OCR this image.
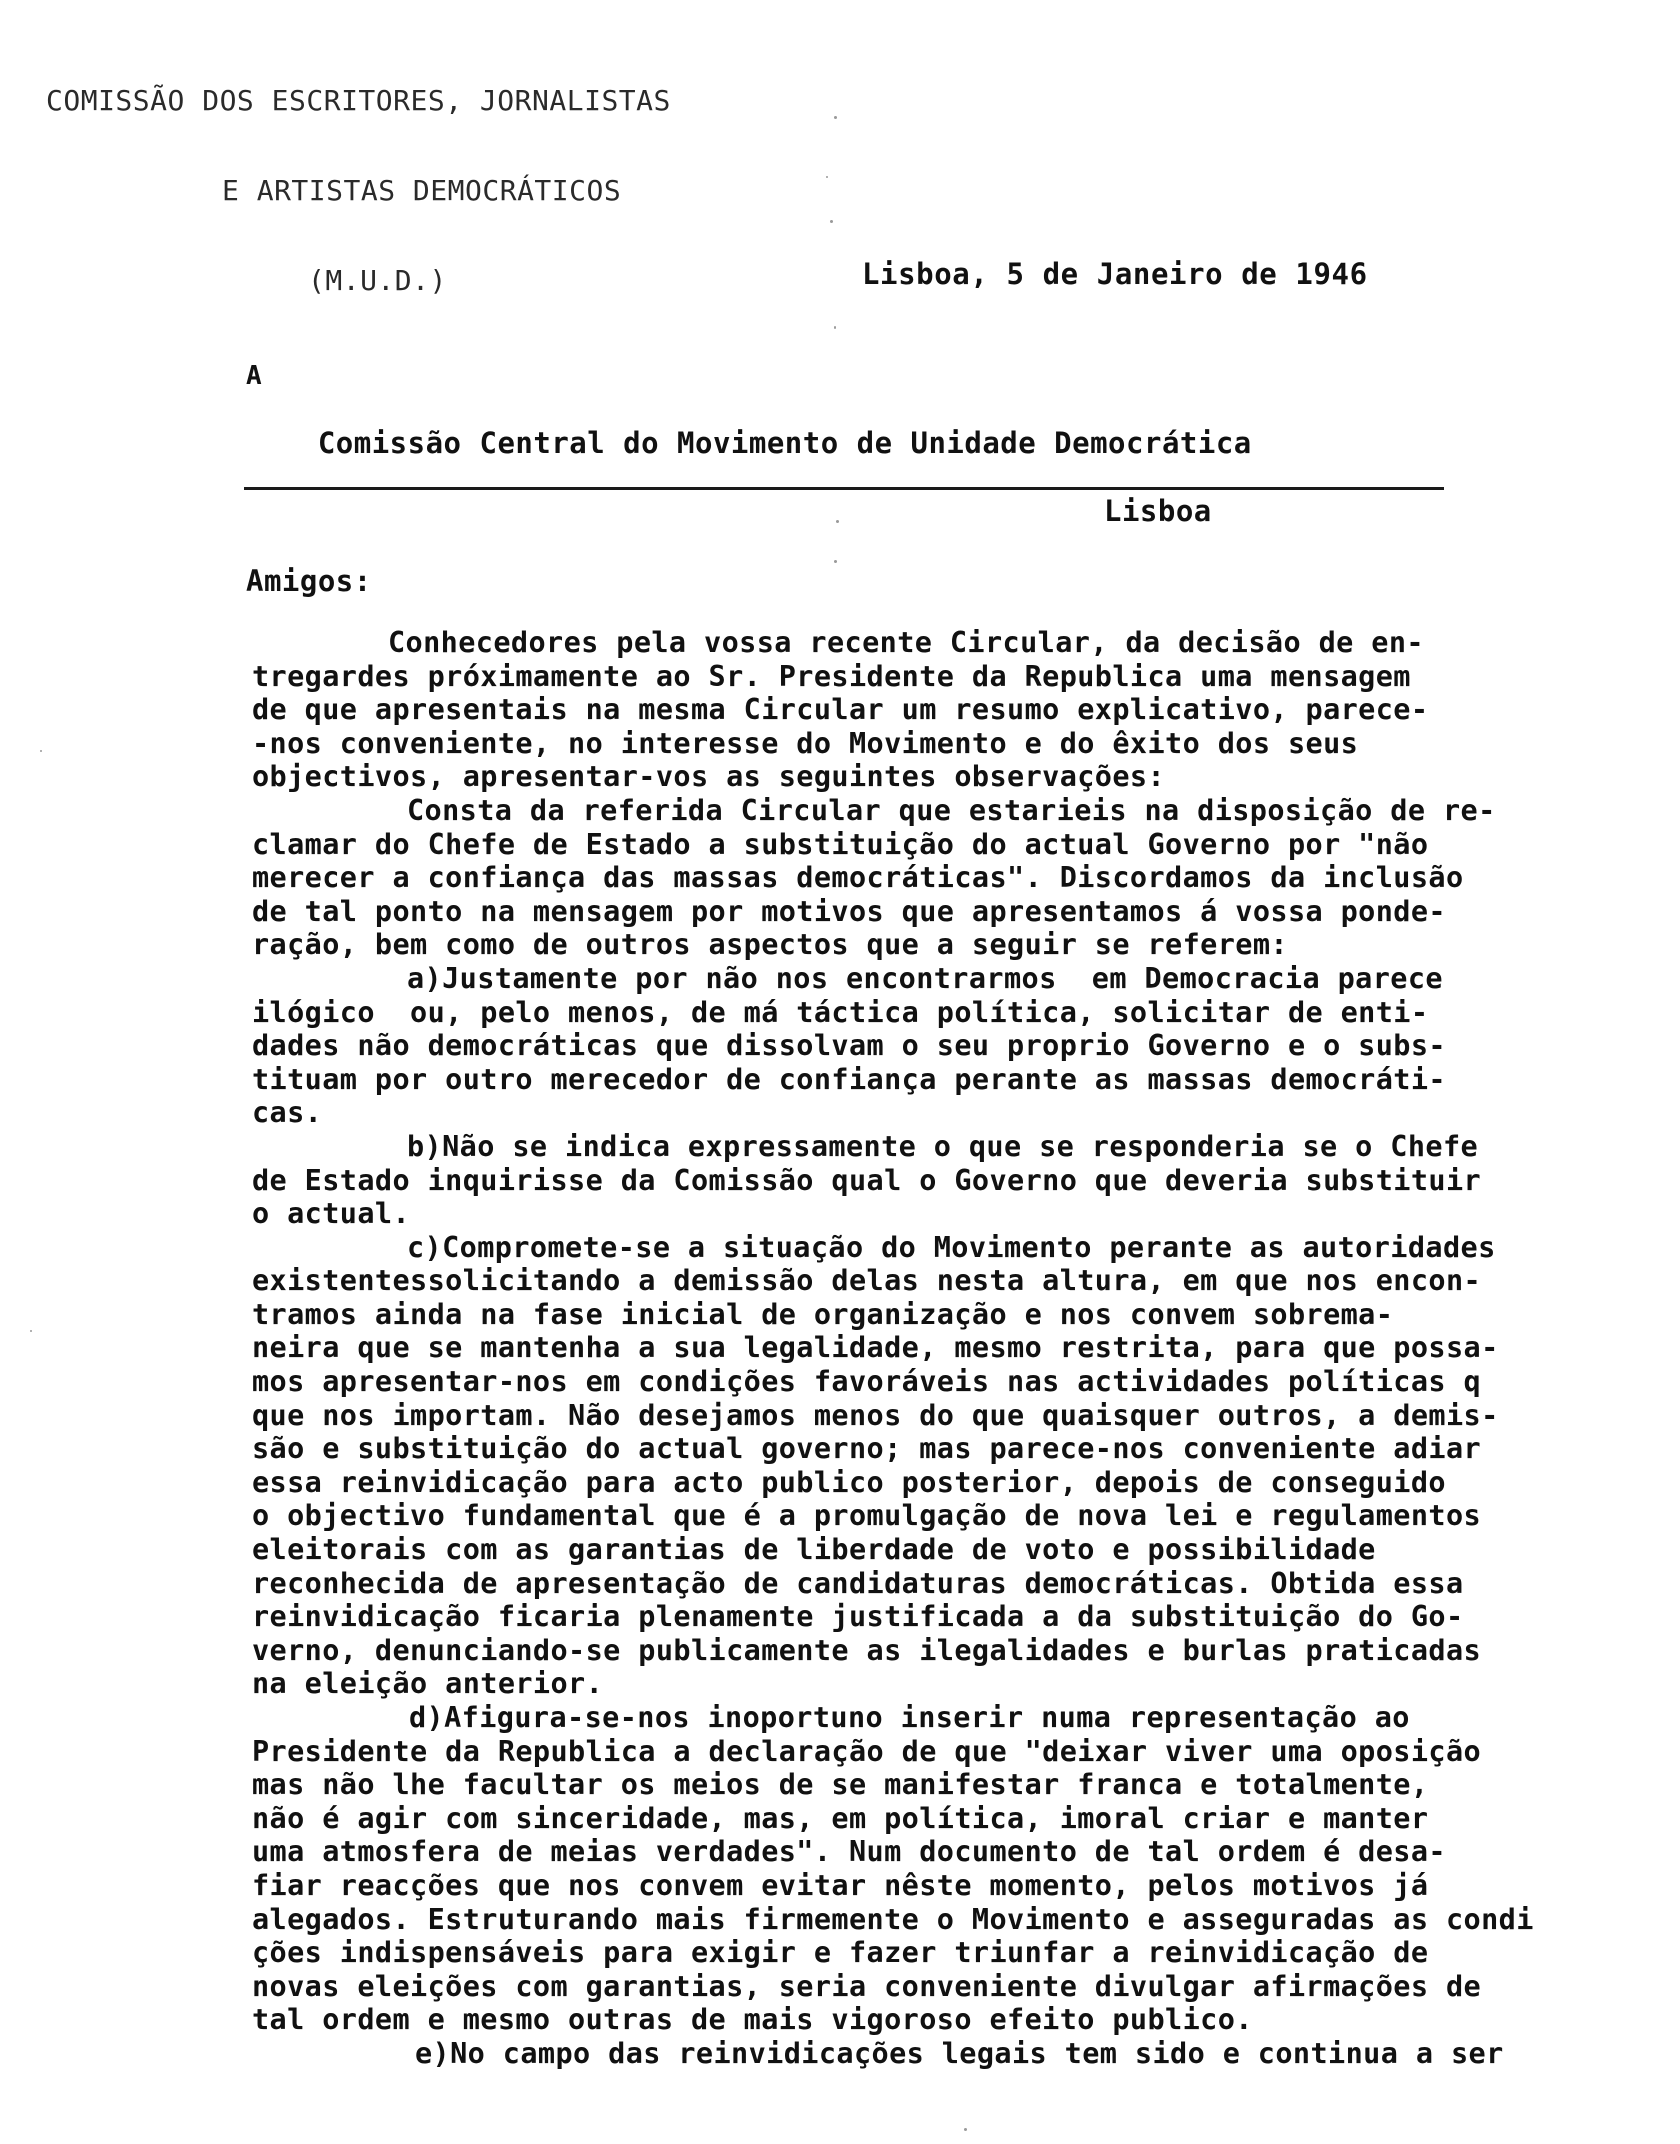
COMISSÃO DOS ESCRITORES, JORNALISTAS

E ARTISTAS DEMOCRÁTICOS

(M.U.D.)

	Lisboa, 5 de Janeiro de 1946
A

Comissão Central do Movimento de Unidade Democrática

Lisboa

Amigos:
Conhecedores pela vossa recente Circular, da decisão de en-
tregardes próximamente ao Sr. Presidente da Republica uma mensagem
de que apresentais na mesma Circular um resumo explicativo, parece-
-nos conveniente, no interesse do Movimento e do êxito dos seus
objectivos, apresentar-vos as seguintes observações:
Consta da referida Circular que estarieis na disposição de re-
clamar do Chefe de Estado a substituição do actual Governo por "não
merecer a confiança das massas democráticas". Discordamos da inclusão
de tal ponto na mensagem por motivos que apresentamos á vossa ponde-
ração, bem como de outros aspectos que a seguir se referem:
a)Justamente por não nos encontrarmos  em Democracia parece
ilógico  ou, pelo menos, de má táctica política, solicitar de enti-
dades não democráticas que dissolvam o seu proprio Governo e o subs-
tituam por outro merecedor de confiança perante as massas democráti-
cas.
b)Não se indica expressamente o que se responderia se o Chefe
de Estado inquirisse da Comissão qual o Governo que deveria substituir
o actual.
c)Compromete-se a situação do Movimento perante as autoridades
existentessolicitando a demissão delas nesta altura, em que nos encon-
tramos ainda na fase inicial de organização e nos convem sobrema-
neira que se mantenha a sua legalidade, mesmo restrita, para que possa-
mos apresentar-nos em condições favoráveis nas actividades políticas q
que nos importam. Não desejamos menos do que quaisquer outros, a demis-
são e substituição do actual governo; mas parece-nos conveniente adiar
essa reinvidicação para acto publico posterior, depois de conseguido
o objectivo fundamental que é a promulgação de nova lei e regulamentos
eleitorais com as garantias de liberdade de voto e possibilidade
reconhecida de apresentação de candidaturas democráticas. Obtida essa
reinvidicação ficaria plenamente justificada a da substituição do Go-
verno, denunciando-se publicamente as ilegalidades e burlas praticadas
na eleição anterior.
d)Afigura-se-nos inoportuno inserir numa representação ao
Presidente da Republica a declaração de que "deixar viver uma oposição
mas não lhe facultar os meios de se manifestar franca e totalmente,
não é agir com sinceridade, mas, em política, imoral criar e manter
uma atmosfera de meias verdades". Num documento de tal ordem é desa-
fiar reacções que nos convem evitar nêste momento, pelos motivos já
alegados. Estruturando mais firmemente o Movimento e asseguradas as condi
ções indispensáveis para exigir e fazer triunfar a reinvidicação de
novas eleições com garantias, seria conveniente divulgar afirmações de
tal ordem e mesmo outras de mais vigoroso efeito publico.
e)No campo das reinvidicações legais tem sido e continua a ser
